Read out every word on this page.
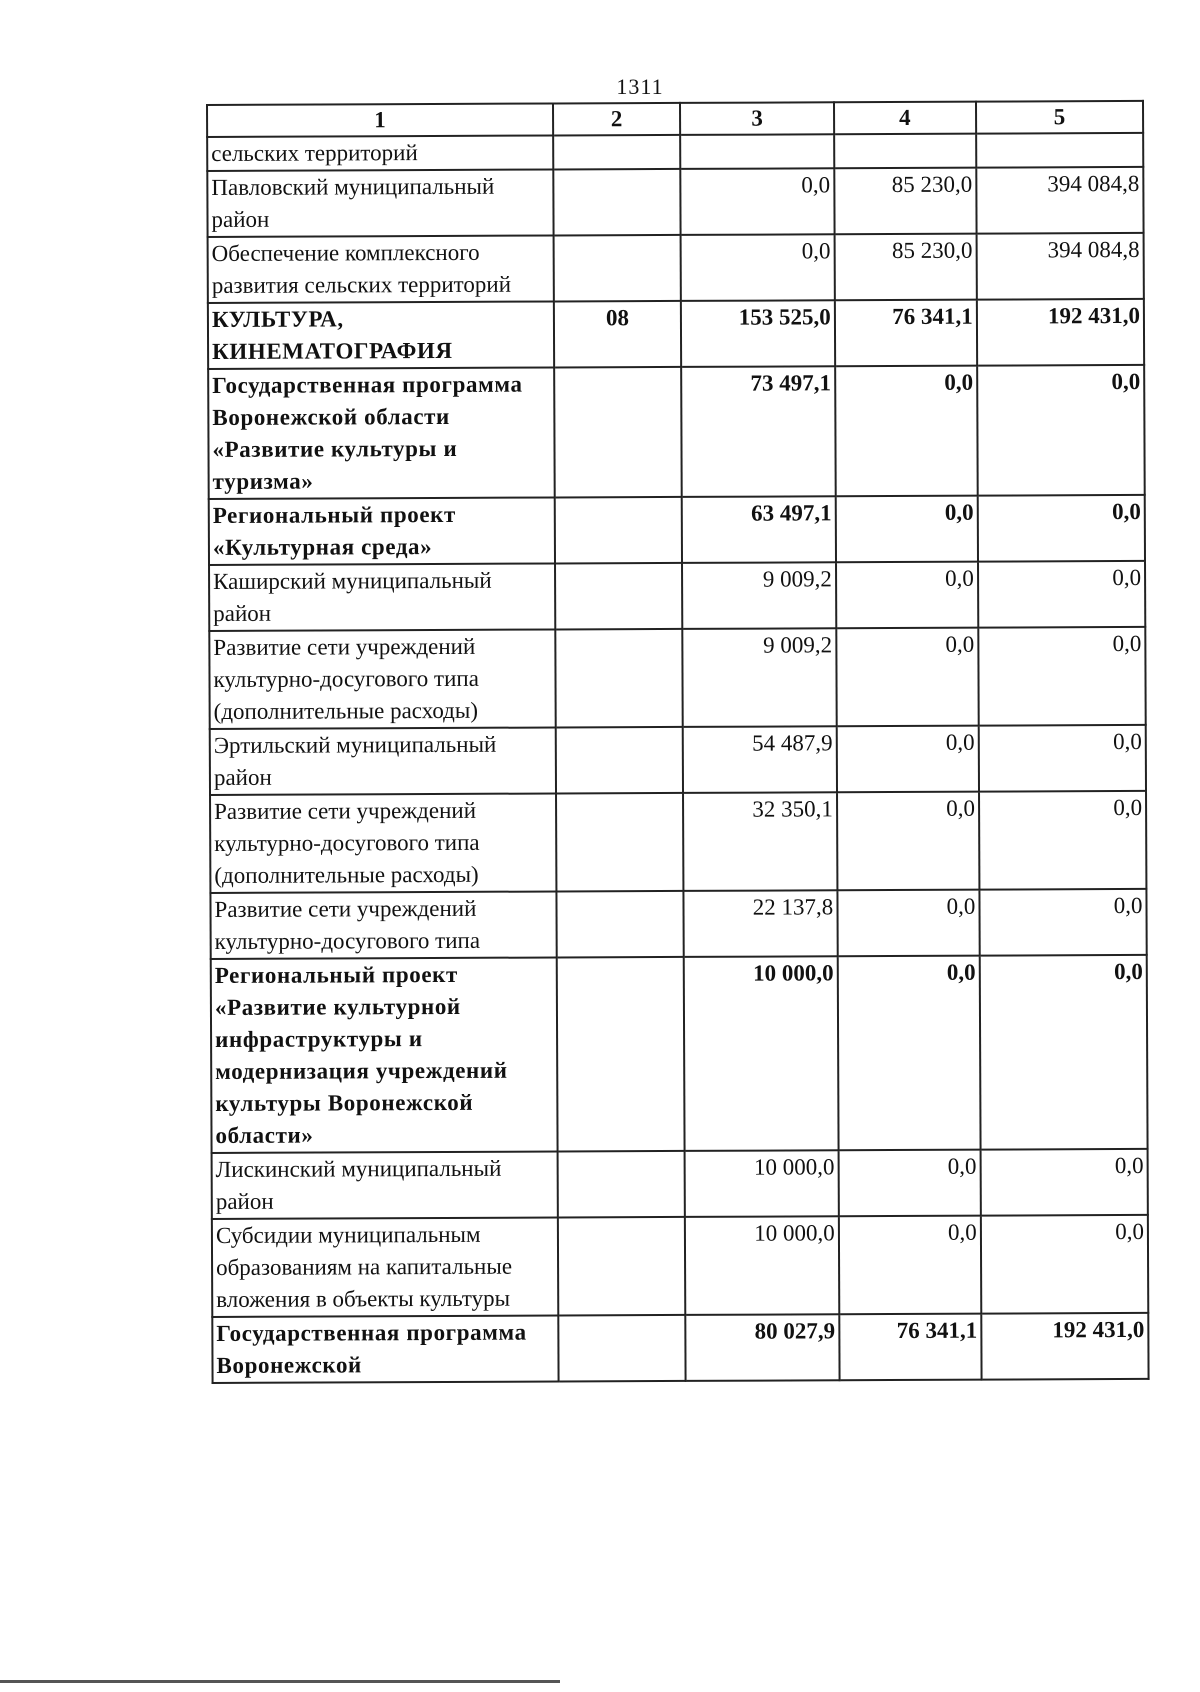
1311
1	2	3	4	5
сельских территорий				
Павловский муниципальный район		0,0	85 230,0	394 084,8
Обеспечение комплексного развития сельских территорий		0,0	85 230,0	394 084,8
КУЛЬТУРА, КИНЕМАТОГРАФИЯ	08	153 525,0	76 341,1	192 431,0
Государственная программа Воронежской области «Развитие культуры и туризма»		73 497,1	0,0	0,0
Региональный проект «Культурная среда»		63 497,1	0,0	0,0
Каширский муниципальный район		9 009,2	0,0	0,0
Развитие сети учреждений культурно-досугового типа (дополнительные расходы)		9 009,2	0,0	0,0
Эртильский муниципальный район		54 487,9	0,0	0,0
Развитие сети учреждений культурно-досугового типа (дополнительные расходы)		32 350,1	0,0	0,0
Развитие сети учреждений культурно-досугового типа		22 137,8	0,0	0,0
Региональный проект «Развитие культурной инфраструктуры и модернизация учреждений культуры Воронежской области»		10 000,0	0,0	0,0
Лискинский муниципальный район		10 000,0	0,0	0,0
Субсидии муниципальным образованиям на капитальные вложения в объекты культуры		10 000,0	0,0	0,0
Государственная программа Воронежской		80 027,9	76 341,1	192 431,0
